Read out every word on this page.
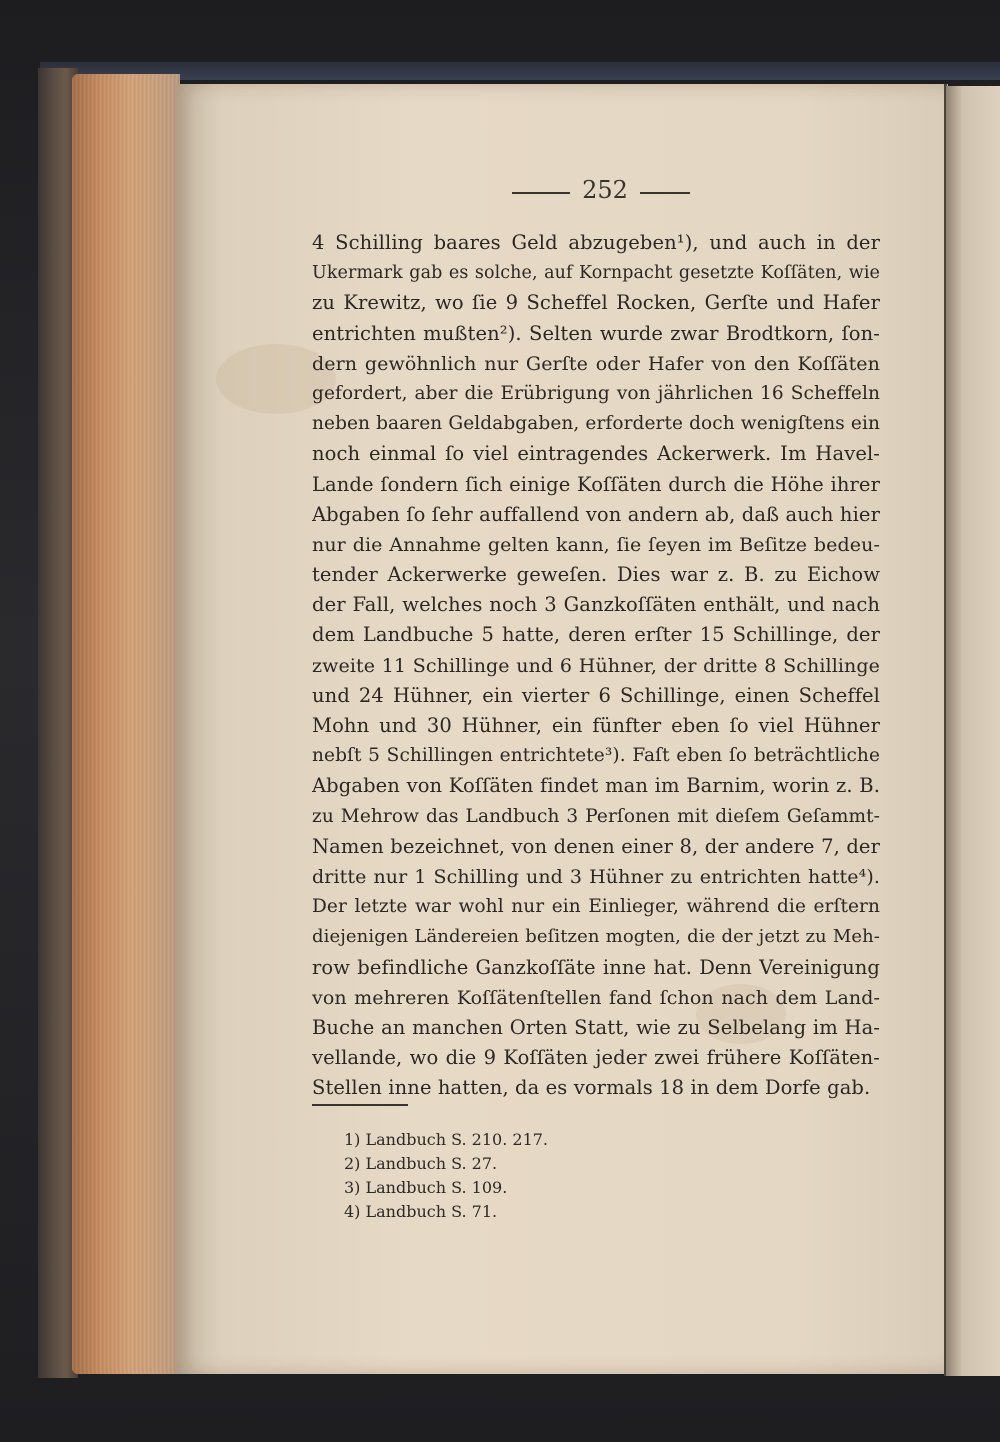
252
4 Schilling baares Geld abzugeben¹), und auch in der
Ukermark gab es solche, auf Kornpacht gesetzte Koſſäten, wie
zu Krewitz, wo ſie 9 Scheffel Rocken, Gerſte und Hafer
entrichten mußten²). Selten wurde zwar Brodtkorn, ſon-
dern gewöhnlich nur Gerſte oder Hafer von den Koſſäten
gefordert, aber die Erübrigung von jährlichen 16 Scheffeln
neben baaren Geldabgaben, erforderte doch wenigſtens ein
noch einmal ſo viel eintragendes Ackerwerk. Im Havel-
Lande ſondern ſich einige Koſſäten durch die Höhe ihrer
Abgaben ſo ſehr auffallend von andern ab, daß auch hier
nur die Annahme gelten kann, ſie ſeyen im Beſitze bedeu-
tender Ackerwerke geweſen. Dies war z. B. zu Eichow
der Fall, welches noch 3 Ganzkoſſäten enthält, und nach
dem Landbuche 5 hatte, deren erſter 15 Schillinge, der
zweite 11 Schillinge und 6 Hühner, der dritte 8 Schillinge
und 24 Hühner, ein vierter 6 Schillinge, einen Scheffel
Mohn und 30 Hühner, ein fünfter eben ſo viel Hühner
nebſt 5 Schillingen entrichtete³). Faſt eben ſo beträchtliche
Abgaben von Koſſäten findet man im Barnim, worin z. B.
zu Mehrow das Landbuch 3 Perſonen mit dieſem Geſammt-
Namen bezeichnet, von denen einer 8, der andere 7, der
dritte nur 1 Schilling und 3 Hühner zu entrichten hatte⁴).
Der letzte war wohl nur ein Einlieger, während die erſtern
diejenigen Ländereien beſitzen mogten, die der jetzt zu Meh-
row befindliche Ganzkoſſäte inne hat. Denn Vereinigung
von mehreren Koſſätenſtellen fand ſchon nach dem Land-
Buche an manchen Orten Statt, wie zu Selbelang im Ha-
vellande, wo die 9 Koſſäten jeder zwei frühere Koſſäten-
Stellen inne hatten, da es vormals 18 in dem Dorfe gab.
1) Landbuch S. 210. 217.
2) Landbuch S. 27.
3) Landbuch S. 109.
4) Landbuch S. 71.
